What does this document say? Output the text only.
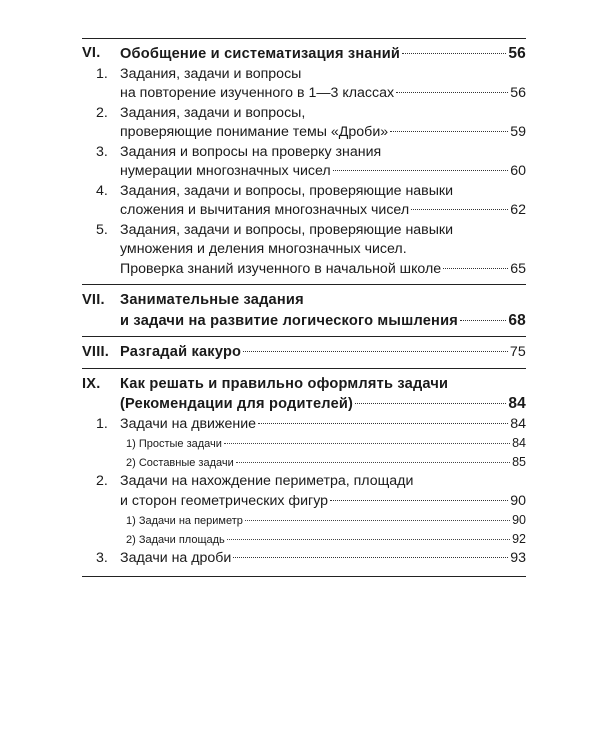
VI.	Обобщение и систематизация знаний	56
1. Задания, задачи и вопросы
на повторение изученного в 1—3 классах	56
2. Задания, задачи и вопросы,
проверяющие понимание темы «Дроби»	59
3. Задания и вопросы на проверку знания
нумерации многозначных чисел	60
4. Задания, задачи и вопросы, проверяющие навыки
сложения и вычитания многозначных чисел	62
5. Задания, задачи и вопросы, проверяющие навыки
умножения и деления многозначных чисел.
Проверка знаний изученного в начальной школе	65
VII.	Занимательные задания
и задачи на развитие логического мышления	68
VIII. Разгадай какуро	75
IX.	Как решать и правильно оформлять задачи
(Рекомендации для родителей)	84
1. Задачи на движение	84
1) Простые задачи	84
2) Составные задачи	85
2. Задачи на нахождение периметра, площади
и сторон геометрических фигур	90
1) Задачи на периметр	90
2) Задачи площадь	92
3. Задачи на дроби	93
